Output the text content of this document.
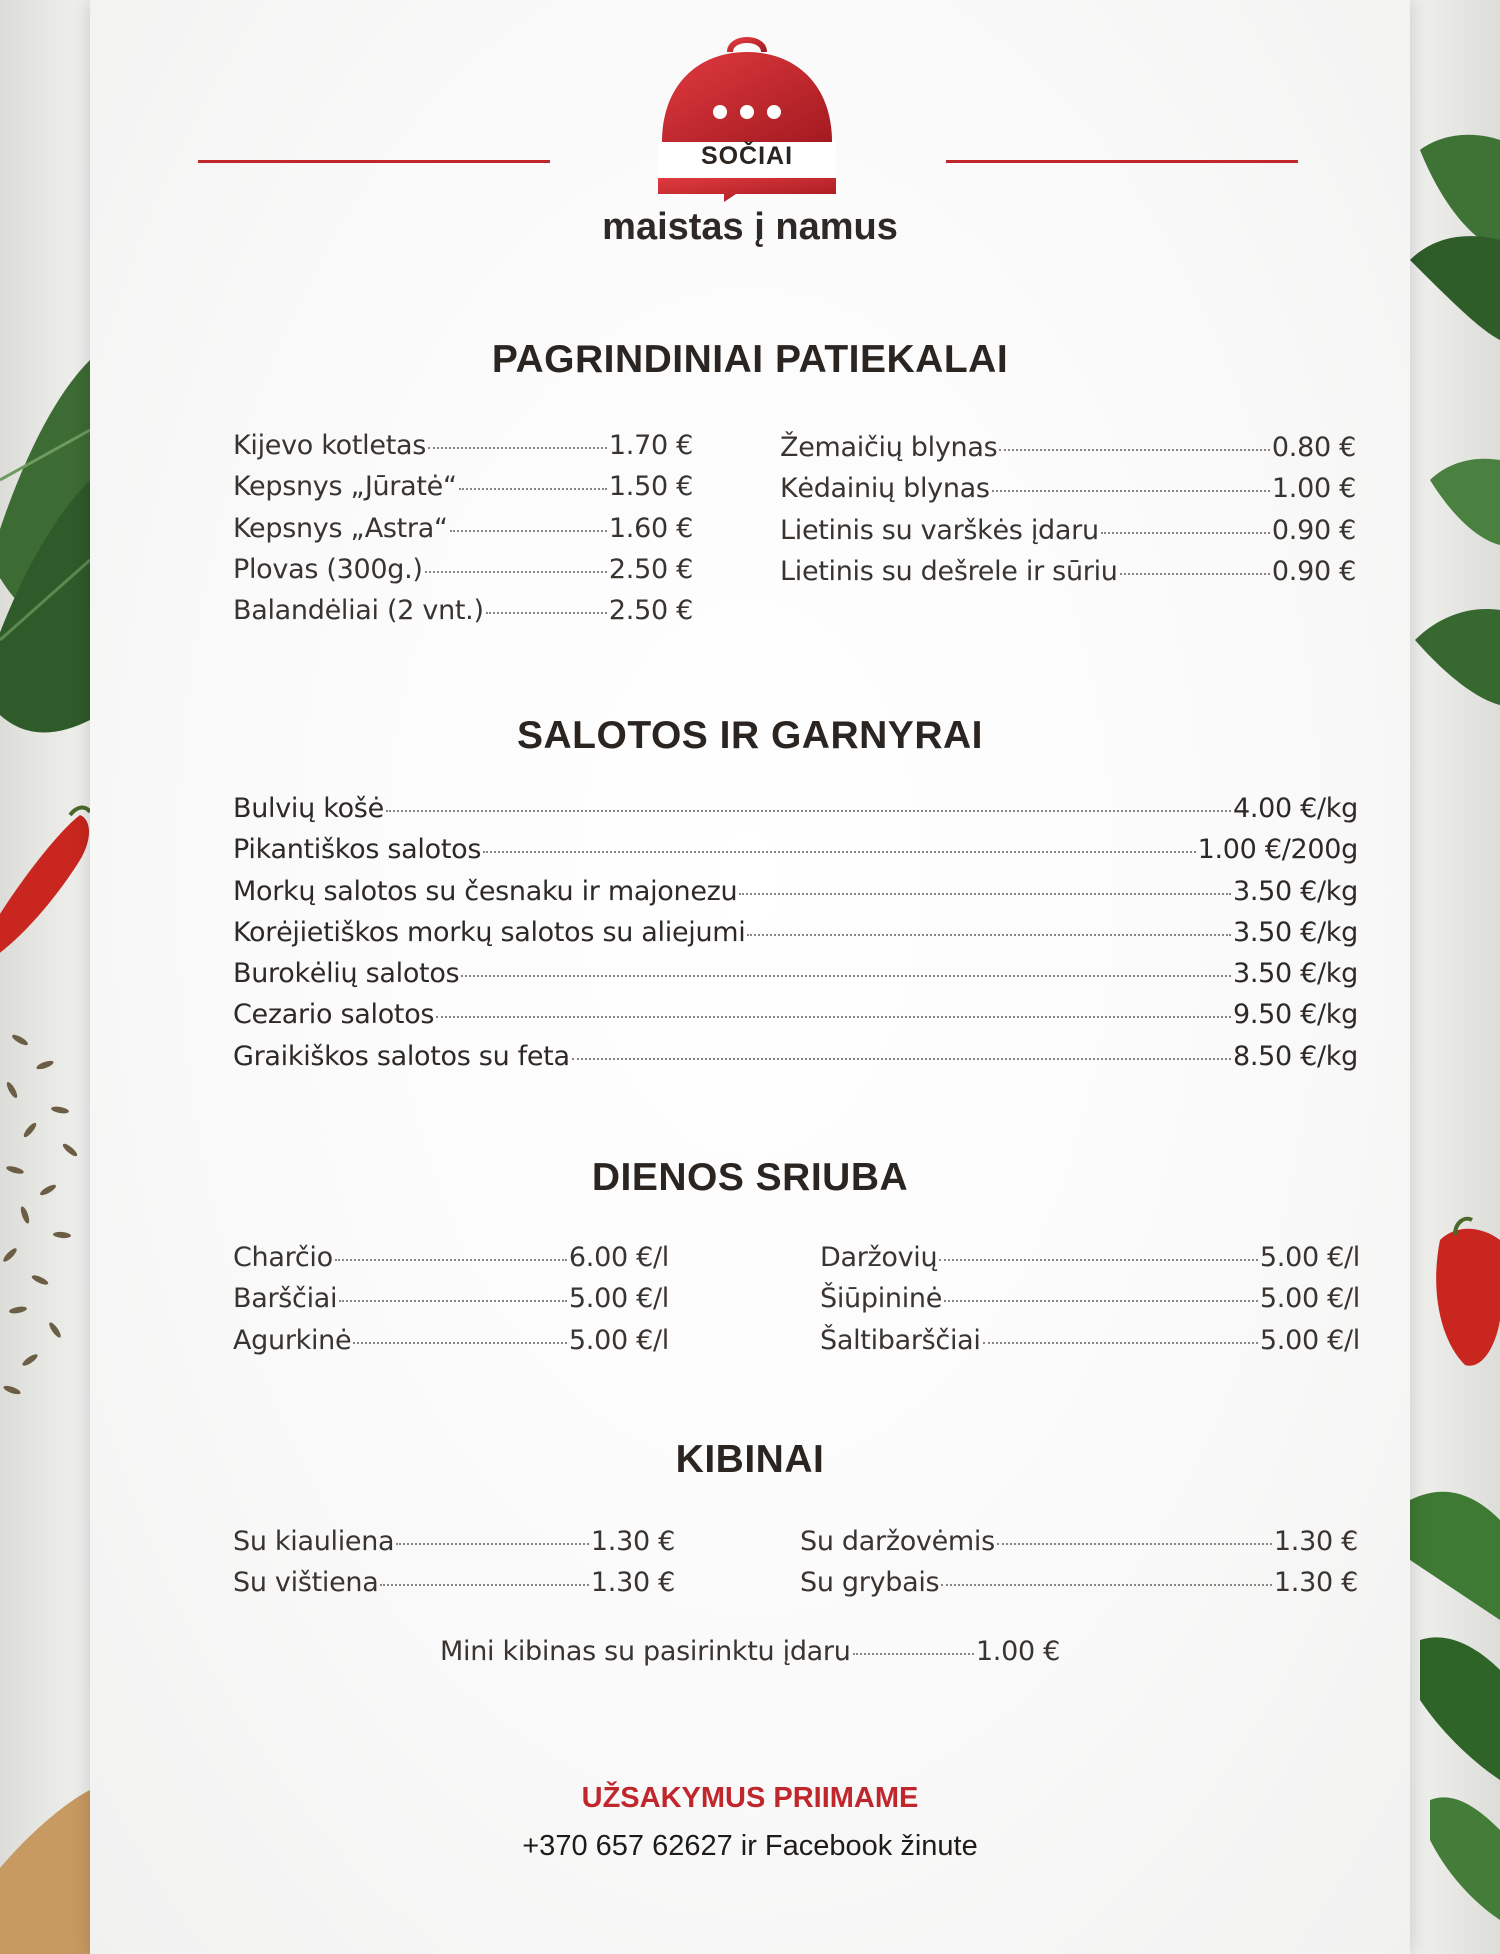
SOČIAI
maistas į namus
PAGRINDINIAI PATIEKALAI
Kijevo kotletas	1.70 €
Kepsnys „Jūratė“	1.50 €
Kepsnys „Astra“	1.60 €
Plovas (300g.)	2.50 €
Balandėliai (2 vnt.)	2.50 €
Žemaičių blynas	0.80 €
Kėdainių blynas	1.00 €
Lietinis su varškės įdaru	0.90 €
Lietinis su dešrele ir sūriu	0.90 €
SALOTOS IR GARNYRAI
Bulvių košė	4.00 €/kg
Pikantiškos salotos	1.00 €/200g
Morkų salotos su česnaku ir majonezu	3.50 €/kg
Korėjietiškos morkų salotos su aliejumi	3.50 €/kg
Burokėlių salotos	3.50 €/kg
Cezario salotos	9.50 €/kg
Graikiškos salotos su feta	8.50 €/kg
DIENOS SRIUBA
Charčio	6.00 €/l
Barščiai	5.00 €/l
Agurkinė	5.00 €/l
Daržovių	5.00 €/l
Šiūpininė	5.00 €/l
Šaltibarščiai	5.00 €/l
KIBINAI
Su kiauliena	1.30 €
Su vištiena	1.30 €
Su daržovėmis	1.30 €
Su grybais	1.30 €
Mini kibinas su pasirinktu įdaru	1.00 €
UŽSAKYMUS PRIIMAME
+370 657 62627 ir Facebook žinute
